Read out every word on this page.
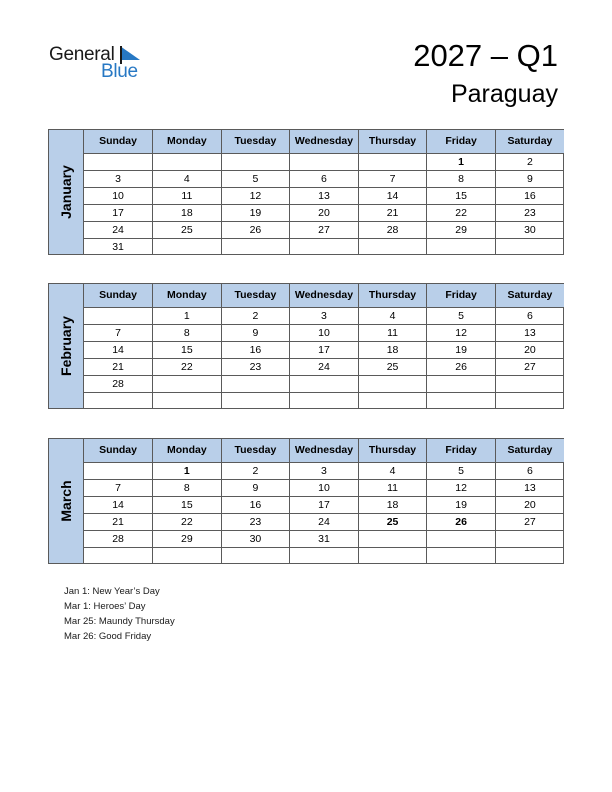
General
Blue	2027 – Q1
Paraguay
January
Sunday	Monday	Tuesday	Wednesday	Thursday	Friday	Saturday
					1	2
3	4	5	6	7	8	9
10	11	12	13	14	15	16
17	18	19	20	21	22	23
24	25	26	27	28	29	30
31						
February
Sunday	Monday	Tuesday	Wednesday	Thursday	Friday	Saturday
	1	2	3	4	5	6
7	8	9	10	11	12	13
14	15	16	17	18	19	20
21	22	23	24	25	26	27
28						

March
Sunday	Monday	Tuesday	Wednesday	Thursday	Friday	Saturday
	1	2	3	4	5	6
7	8	9	10	11	12	13
14	15	16	17	18	19	20
21	22	23	24	25	26	27
28	29	30	31			

Jan 1: New Year’s Day
Mar 1: Heroes’ Day
Mar 25: Maundy Thursday
Mar 26: Good Friday
